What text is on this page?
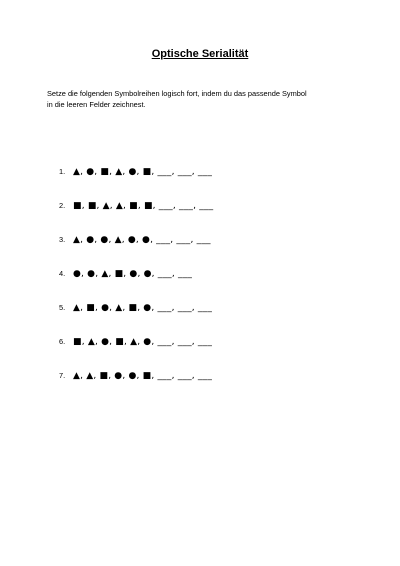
Optische Serialität
Setze die folgenden Symbolreihen logisch fort, indem du das passende Symbol
in die leeren Felder zeichnest.
1. ▲, ●, ■, ▲, ●, ■, ___, ___, ___
2. ■, ■, ▲, ▲, ■, ■, ___, ___, ___
3. ▲, ●, ●, ▲, ●, ●, ___, ___, ___
4. ●, ●, ▲, ■, ●, ●, ___, ___
5. ▲, ■, ●, ▲, ■, ●, ___, ___, ___
6. ■, ▲, ●, ■, ▲, ●, ___, ___, ___
7. ▲, ▲, ■, ●, ●, ■, ___, ___, ___
